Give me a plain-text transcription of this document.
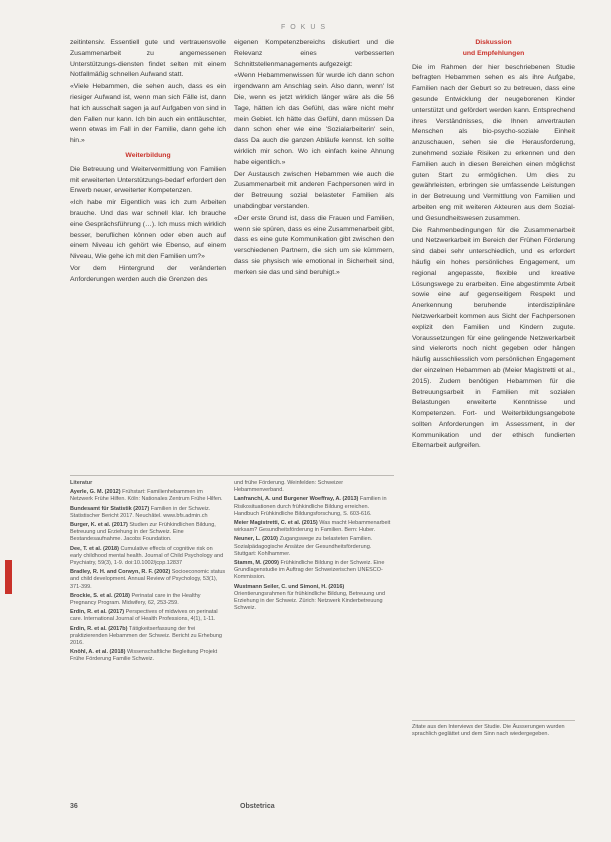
FOKUS

zeitintensiv. Essentiell gute und vertrauensvolle Zusammenarbeit zu angemessenen Unterstützungs-diensten findet selten mit einem Notfallmäßig schnellen Aufwand statt.

«Viele Hebammen, die sehen auch, dass es ein riesiger Aufwand ist, wenn man sich Fälle ist, dann hat ich ausschalt sagen ja auf Aufgaben von sind in den Fallen nur kann. Ich bin auch ein enttäuschter, wenn etwas im Fall in der Familie, dann gehe ich hin.»

Weiterbildung

Die Betreuung und Weitervermittlung von Familien mit erweiterten Unterstützungs-bedarf erfordert den Erwerb neuer, erweiterter Kompetenzen.

«Ich habe mir Eigentlich was ich zum Arbeiten brauche. Und das war schnell klar. Ich brauche eine Gesprächsführung (…). Ich muss mich wirklich besser, beruflichen können oder eben auch auf einem Niveau ich gehört wie Ebenso, auf einem Niveau, Wie gehe ich mit den Familien um?»

Vor dem Hintergrund der veränderten Anforderungen werden auch die Grenzen des

eigenen Kompetenzbereichs diskutiert und die Relevanz eines verbesserten Schnittstellenmanagements aufgezeigt:

«Wenn Hebammenwissen für wurde ich dann schon irgendwann am Anschlag sein. Also dann, wenn' Ist Die, wenn es jetzt wirklich länger wäre als die 56 Tage, hätten ich das Gefühl, das wäre nicht mehr mein Gebiet. Ich hätte das Gefühl, dann müssen Da dann schon eher wie eine 'Sozialarbeiterin' sein, dass Da auch die ganzen Abläufe kennst. Ich sollte wirklich mir schon. Wo ich einfach keine Ahnung habe eigentlich.»

Der Austausch zwischen Hebammen wie auch die Zusammenarbeit mit anderen Fachpersonen wird in der Betreuung sozial belasteter Familien als unabdingbar verstanden.

«Der erste Grund ist, dass die Frauen und Familien, wenn sie spüren, dass es eine Zusammenarbeit gibt, dass es eine gute Kommunikation gibt zwischen den verschiedenen Partnern, die sich um sie kümmern, dass sie physisch wie emotional in Sicherheit sind, merken sie das und sind beruhigt.»

Diskussion

und Empfehlungen

Die im Rahmen der hier beschriebenen Studie befragten Hebammen sehen es als ihre Aufgabe, Familien nach der Geburt so zu betreuen, dass eine gesunde Entwicklung der neugeborenen Kinder unterstützt und gefördert werden kann. Entsprechend ihres Verständnisses, die Ihnen anvertrauten Menschen als bio-psycho-soziale Einheit anzuschauen, sehen sie die Herausforderung, zunehmend soziale Risiken zu erkennen und den Familien auch in diesen Bereichen einen möglichst guten Start zu ermöglichen. Um dies zu gewährleisten, erbringen sie umfassende Leistungen in der Betreuung und Vermittlung von Familien und arbeiten eng mit weiteren Akteuren aus dem Sozial- und Gesundheitswesen zusammen.

Die Rahmenbedingungen für die Zusammenarbeit und Netzwerkarbeit im Bereich der Frühen Förderung sind dabei sehr unterschiedlich, und es erfordert häufig ein hohes persönliches Engagement, um regional angepasste, flexible und kreative Lösungswege zu erarbeiten. Eine abgestimmte Arbeit sowie eine auf gegenseitigem Respekt und Anerkennung beruhende interdisziplinäre Netzwerkarbeit kommen aus Sicht der Fachpersonen explizit den Familien und Kindern zugute. Voraussetzungen für eine gelingende Netzwerkarbeit sind vielerorts noch nicht gegeben oder hängen häufig ausschliesslich vom persönlichen Engagement der einzelnen Hebammen ab (Meier Magistretti et al., 2015). Zudem benötigen Hebammen für die Betreuungsarbeit in Familien mit sozialen Belastungen erweiterte Kenntnisse und Kompetenzen. Fort- und Weiterbildungsangebote sollten Anforderungen im Assessment, in der Kommunikation und der ethisch fundierten Elternarbeit aufgreifen.

Literatur
Ayerle, G. M. (2012) Frühstart: Familienhebammen im Netzwerk Frühe Hilfen. Köln: Nationales Zentrum Frühe Hilfen.
Bundesamt für Statistik (2017) Familien in der Schweiz. Statistischer Bericht 2017. Neuchâtel. www.bfs.admin.ch
Burger, K. et al. (2017) Studien zur Frühkindlichen Bildung, Betreuung und Erziehung in der Schweiz. Eine Bestandesaufnahme. Jacobs Foundation.
Dee, T. et al. (2018) Cumulative effects of cognitive risk on early childhood mental health. Journal of Child Psychology and Psychiatry, 59(3), 1-9. doi:10.1002/jcpp.12837
Bradley, R. H. and Corwyn, R. F. (2002) Socioeconomic status and child development. Annual Review of Psychology, 53(1), 371-399.
Brockie, S. et al. (2018) Perinatal care in the Healthy Pregnancy Program. Midwifery, 62, 253-259.
Erdin, R. et al. (2017) Perspectives of midwives on perinatal care. International Journal of Health Professions, 4(1), 1-11.
Erdin, R. et al. (2017b) Tätigkeitserfassung der frei praktizierenden Hebammen der Schweiz. Bericht zu Erhebung 2016.
Knöhl, A. et al. (2018) Wissenschaftliche Begleitung Projekt Frühe Förderung Familie Schweiz.
und frühe Förderung. Weinfelden: Schweizer Hebammenverband.
Lanfranchi, A. und Burgener Woeffray, A. (2013) Familien in Risikosituationen durch frühkindliche Bildung erreichen. Handbuch Frühkindliche Bildungsforschung, S. 603-616.
Meier Magistretti, C. et al. (2015) Was macht Hebammenarbeit wirksam? Gesundheitsförderung in Familien. Bern: Huber.
Neuner, L. (2010) Zugangswege zu belasteten Familien. Sozialpädagogische Ansätze der Gesundheitsförderung. Stuttgart: Kohlhammer.
Stamm, M. (2009) Frühkindliche Bildung in der Schweiz. Eine Grundlagenstudie im Auftrag der Schweizerischen UNESCO-Kommission.
Wustmann Seiler, C. und Simoni, H. (2016) Orientierungsrahmen für frühkindliche Bildung, Betreuung und Erziehung in der Schweiz. Zürich: Netzwerk Kinderbetreuung Schweiz.
Zitate aus den Interviews der Studie. Die Äusserungen wurden sprachlich geglättet und dem Sinn nach wiedergegeben.
36	Obstetrica
